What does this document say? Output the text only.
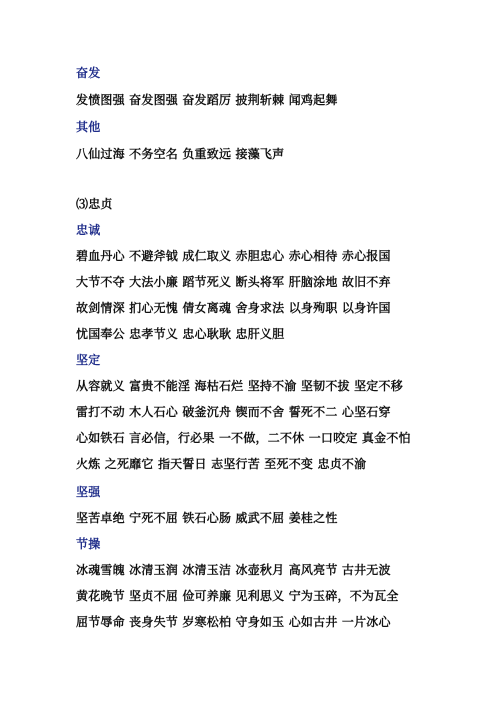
奋发
发愤图强 奋发图强 奋发蹈厉 披荆斩棘 闻鸡起舞
其他
八仙过海 不务空名 负重致远 接藻飞声
⑶忠贞
忠诚
碧血丹心 不避斧钺 成仁取义 赤胆忠心 赤心相待 赤心报国
大节不夺 大法小廉 蹈节死义 断头将军 肝脑涂地 故旧不弃
故剑情深 扪心无愧 倩女离魂 舍身求法 以身殉职 以身许国
忧国奉公 忠孝节义 忠心耿耿 忠肝义胆
坚定
从容就义 富贵不能淫 海枯石烂 坚持不渝 坚韧不拔 坚定不移
雷打不动 木人石心 破釜沉舟 锲而不舍 誓死不二 心坚石穿
心如铁石 言必信，行必果 一不做，二不休 一口咬定 真金不怕
火炼 之死靡它 指天誓日 志坚行苦 至死不变 忠贞不渝
坚强
坚苦卓绝 宁死不屈 铁石心肠 威武不屈 姜桂之性
节操
冰魂雪魄 冰清玉润 冰清玉洁 冰壶秋月 高风亮节 古井无波
黄花晚节 坚贞不屈 俭可养廉 见利思义 宁为玉碎，不为瓦全
屈节辱命 丧身失节 岁寒松柏 守身如玉 心如古井 一片冰心
